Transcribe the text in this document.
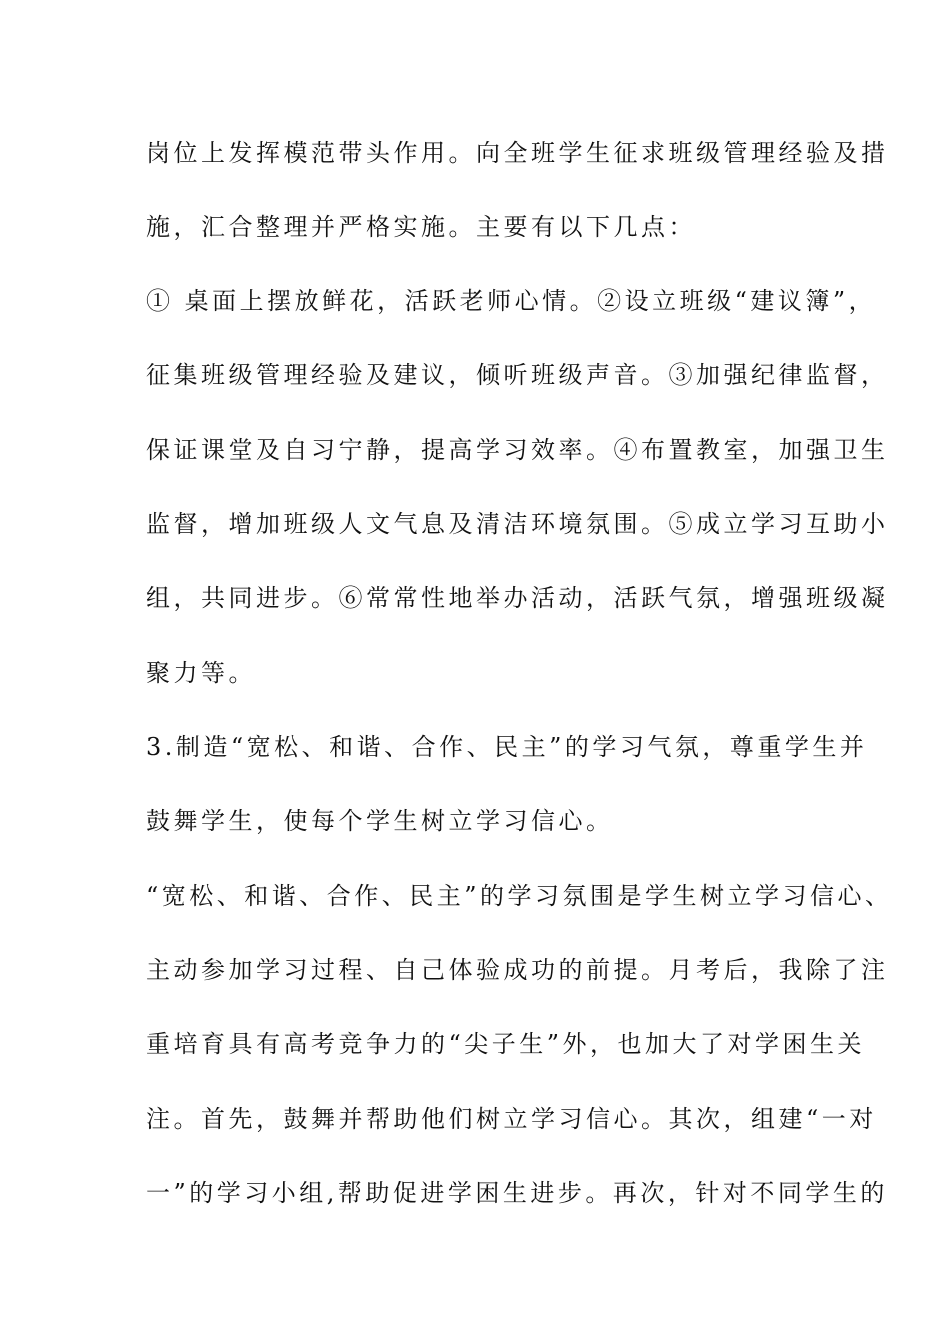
岗位上发挥模范带头作用。向全班学生征求班级管理经验及措
施，汇合整理并严格实施。主要有以下几点：
① 桌面上摆放鲜花，活跃老师心情。②设立班级“建议簿”，
征集班级管理经验及建议，倾听班级声音。③加强纪律监督，
保证课堂及自习宁静，提高学习效率。④布置教室，加强卫生
监督，增加班级人文气息及清洁环境氛围。⑤成立学习互助小
组，共同进步。⑥常常性地举办活动，活跃气氛，增强班级凝
聚力等。
3.制造“宽松、和谐、合作、民主”的学习气氛，尊重学生并
鼓舞学生，使每个学生树立学习信心。
“宽松、和谐、合作、民主”的学习氛围是学生树立学习信心、
主动参加学习过程、自己体验成功的前提。月考后，我除了注
重培育具有高考竞争力的“尖子生”外，也加大了对学困生关
注。首先，鼓舞并帮助他们树立学习信心。其次，组建“一对
一”的学习小组,帮助促进学困生进步。再次，针对不同学生的
